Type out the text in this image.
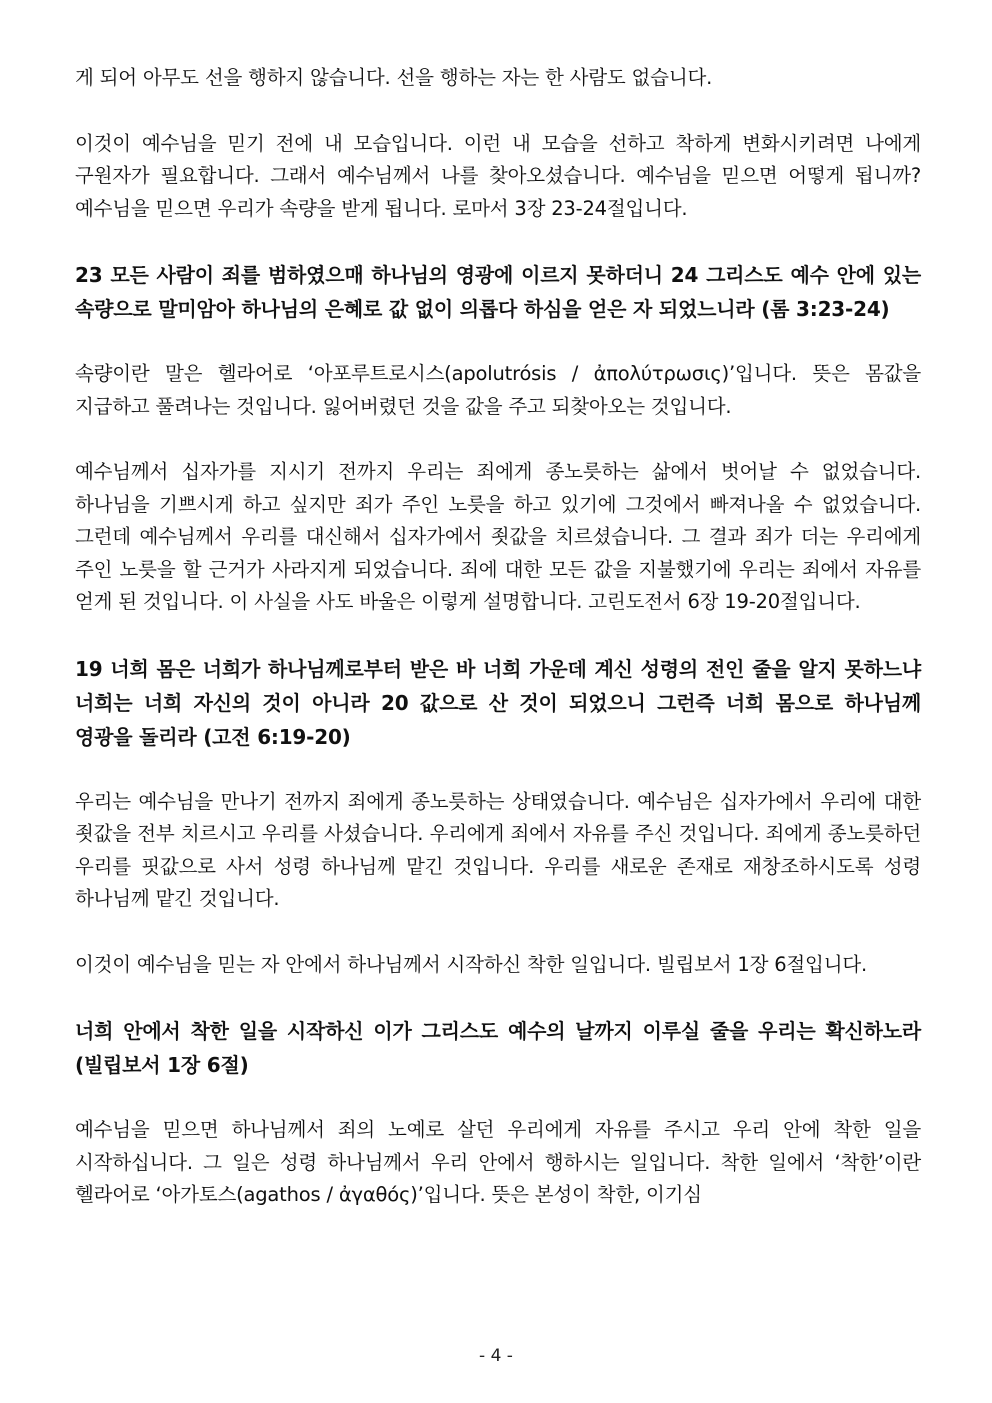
게 되어 아무도 선을 행하지 않습니다. 선을 행하는 자는 한 사람도 없습니다.

이것이 예수님을 믿기 전에 내 모습입니다. 이런 내 모습을 선하고 착하게 변화시키려면 나에게 구원자가 필요합니다. 그래서 예수님께서 나를 찾아오셨습니다. 예수님을 믿으면 어떻게 됩니까? 예수님을 믿으면 우리가 속량을 받게 됩니다. 로마서 3장 23-24절입니다.

23 모든 사람이 죄를 범하였으매 하나님의 영광에 이르지 못하더니 24 그리스도 예수 안에 있는 속량으로 말미암아 하나님의 은혜로 값 없이 의롭다 하심을 얻은 자 되었느니라 (롬 3:23-24)

속량이란 말은 헬라어로 ‘아포루트로시스(apolutrósis / ἀπολύτρωσις)’입니다. 뜻은 몸값을 지급하고 풀려나는 것입니다. 잃어버렸던 것을 값을 주고 되찾아오는 것입니다.

예수님께서 십자가를 지시기 전까지 우리는 죄에게 종노릇하는 삶에서 벗어날 수 없었습니다. 하나님을 기쁘시게 하고 싶지만 죄가 주인 노릇을 하고 있기에 그것에서 빠져나올 수 없었습니다. 그런데 예수님께서 우리를 대신해서 십자가에서 죗값을 치르셨습니다. 그 결과 죄가 더는 우리에게 주인 노릇을 할 근거가 사라지게 되었습니다. 죄에 대한 모든 값을 지불했기에 우리는 죄에서 자유를 얻게 된 것입니다. 이 사실을 사도 바울은 이렇게 설명합니다. 고린도전서 6장 19-20절입니다.

19 너희 몸은 너희가 하나님께로부터 받은 바 너희 가운데 계신 성령의 전인 줄을 알지 못하느냐 너희는 너희 자신의 것이 아니라 20 값으로 산 것이 되었으니 그런즉 너희 몸으로 하나님께 영광을 돌리라 (고전 6:19-20)

우리는 예수님을 만나기 전까지 죄에게 종노릇하는 상태였습니다. 예수님은 십자가에서 우리에 대한 죗값을 전부 치르시고 우리를 사셨습니다. 우리에게 죄에서 자유를 주신 것입니다. 죄에게 종노릇하던 우리를 핏값으로 사서 성령 하나님께 맡긴 것입니다. 우리를 새로운 존재로 재창조하시도록 성령 하나님께 맡긴 것입니다.

이것이 예수님을 믿는 자 안에서 하나님께서 시작하신 착한 일입니다. 빌립보서 1장 6절입니다.

너희 안에서 착한 일을 시작하신 이가 그리스도 예수의 날까지 이루실 줄을 우리는 확신하노라 (빌립보서 1장 6절)

예수님을 믿으면 하나님께서 죄의 노예로 살던 우리에게 자유를 주시고 우리 안에 착한 일을 시작하십니다. 그 일은 성령 하나님께서 우리 안에서 행하시는 일입니다. 착한 일에서 ‘착한’이란 헬라어로 ‘아가토스(agathos / ἀγαθός)’입니다. 뜻은 본성이 착한, 이기심

- 4 -
